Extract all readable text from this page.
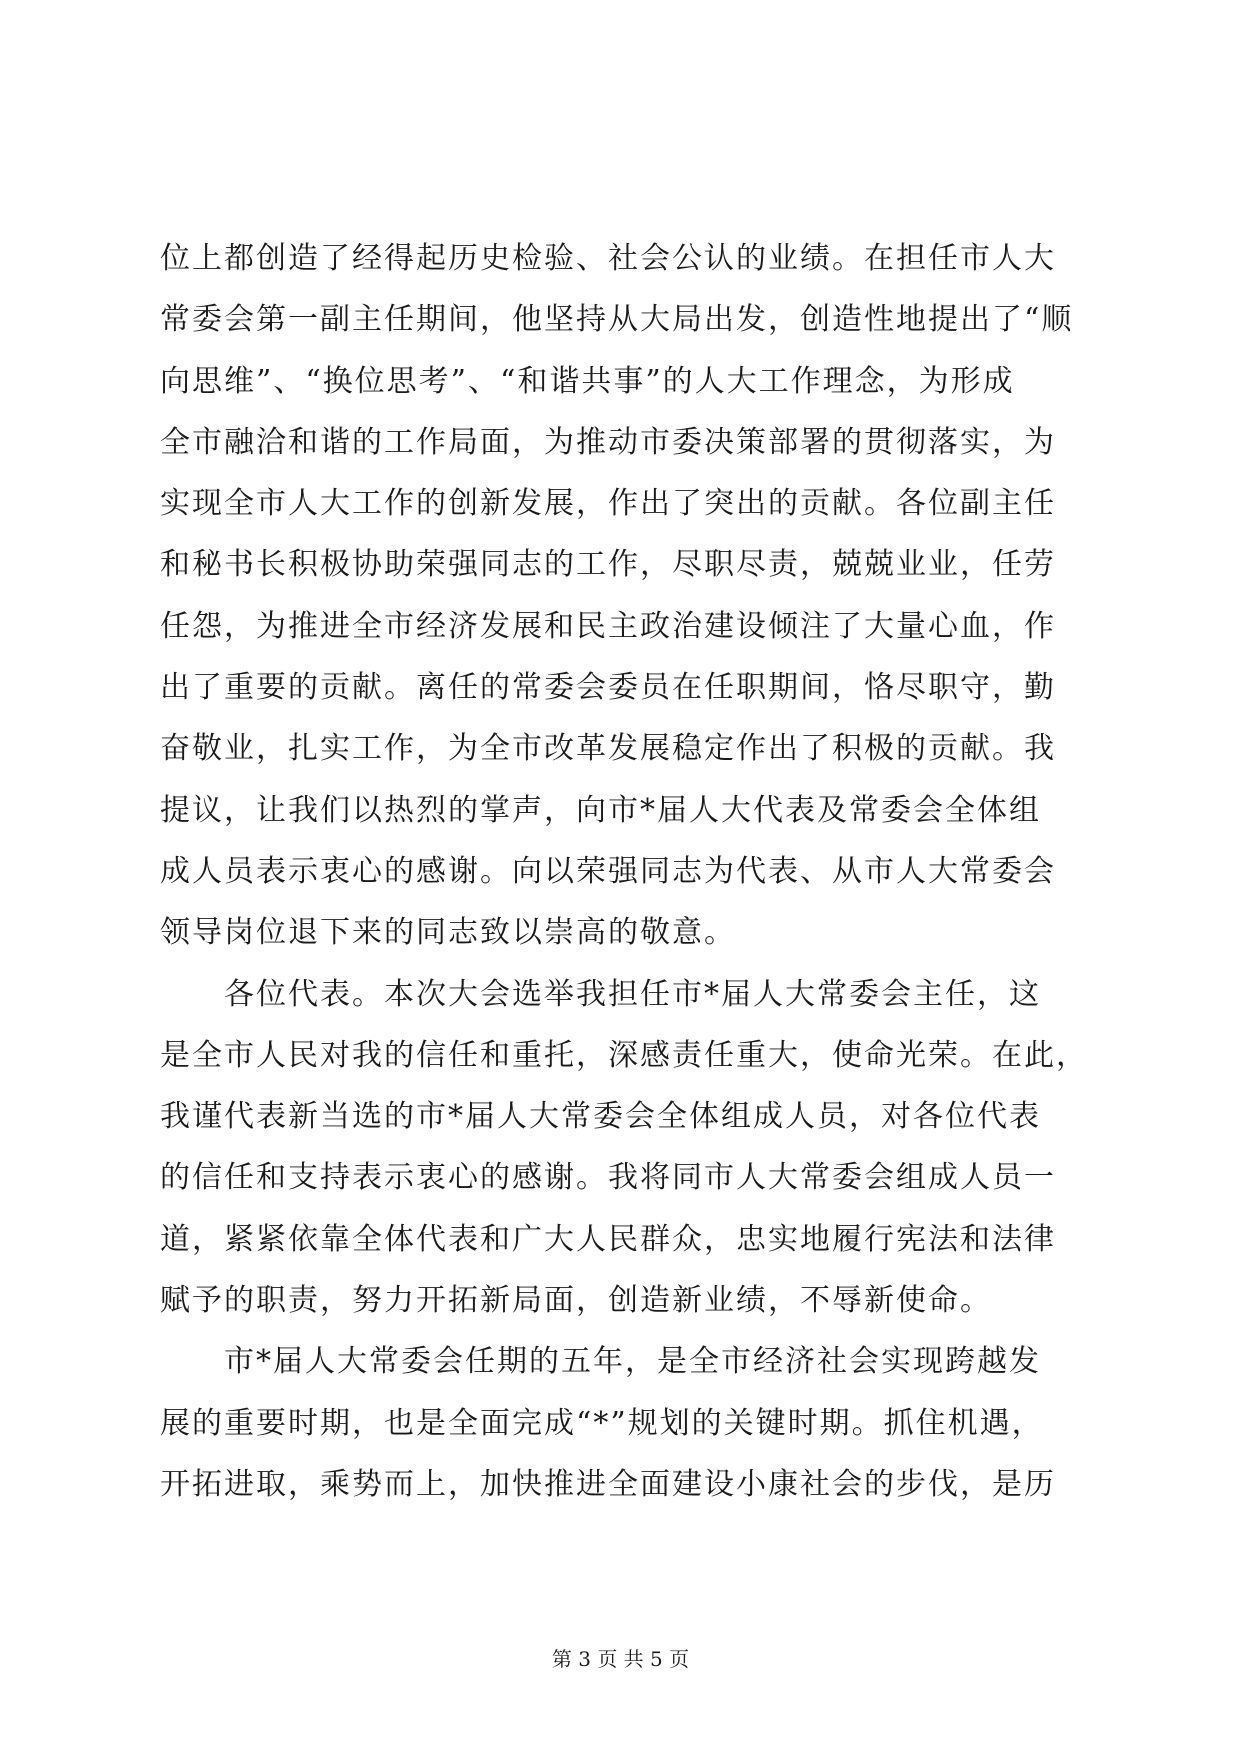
位上都创造了经得起历史检验、社会公认的业绩。在担任市人大
常委会第一副主任期间，他坚持从大局出发，创造性地提出了“顺
向思维”、“换位思考”、“和谐共事”的人大工作理念，为形成
全市融洽和谐的工作局面，为推动市委决策部署的贯彻落实，为
实现全市人大工作的创新发展，作出了突出的贡献。各位副主任
和秘书长积极协助荣强同志的工作，尽职尽责，兢兢业业，任劳
任怨，为推进全市经济发展和民主政治建设倾注了大量心血，作
出了重要的贡献。离任的常委会委员在任职期间，恪尽职守，勤
奋敬业，扎实工作，为全市改革发展稳定作出了积极的贡献。我
提议，让我们以热烈的掌声，向市*届人大代表及常委会全体组
成人员表示衷心的感谢。向以荣强同志为代表、从市人大常委会
领导岗位退下来的同志致以崇高的敬意。
　　各位代表。本次大会选举我担任市*届人大常委会主任，这
是全市人民对我的信任和重托，深感责任重大，使命光荣。在此，
我谨代表新当选的市*届人大常委会全体组成人员，对各位代表
的信任和支持表示衷心的感谢。我将同市人大常委会组成人员一
道，紧紧依靠全体代表和广大人民群众，忠实地履行宪法和法律
赋予的职责，努力开拓新局面，创造新业绩，不辱新使命。
　　市*届人大常委会任期的五年，是全市经济社会实现跨越发
展的重要时期，也是全面完成“*”规划的关键时期。抓住机遇，
开拓进取，乘势而上，加快推进全面建设小康社会的步伐，是历
第 3 页 共 5 页
